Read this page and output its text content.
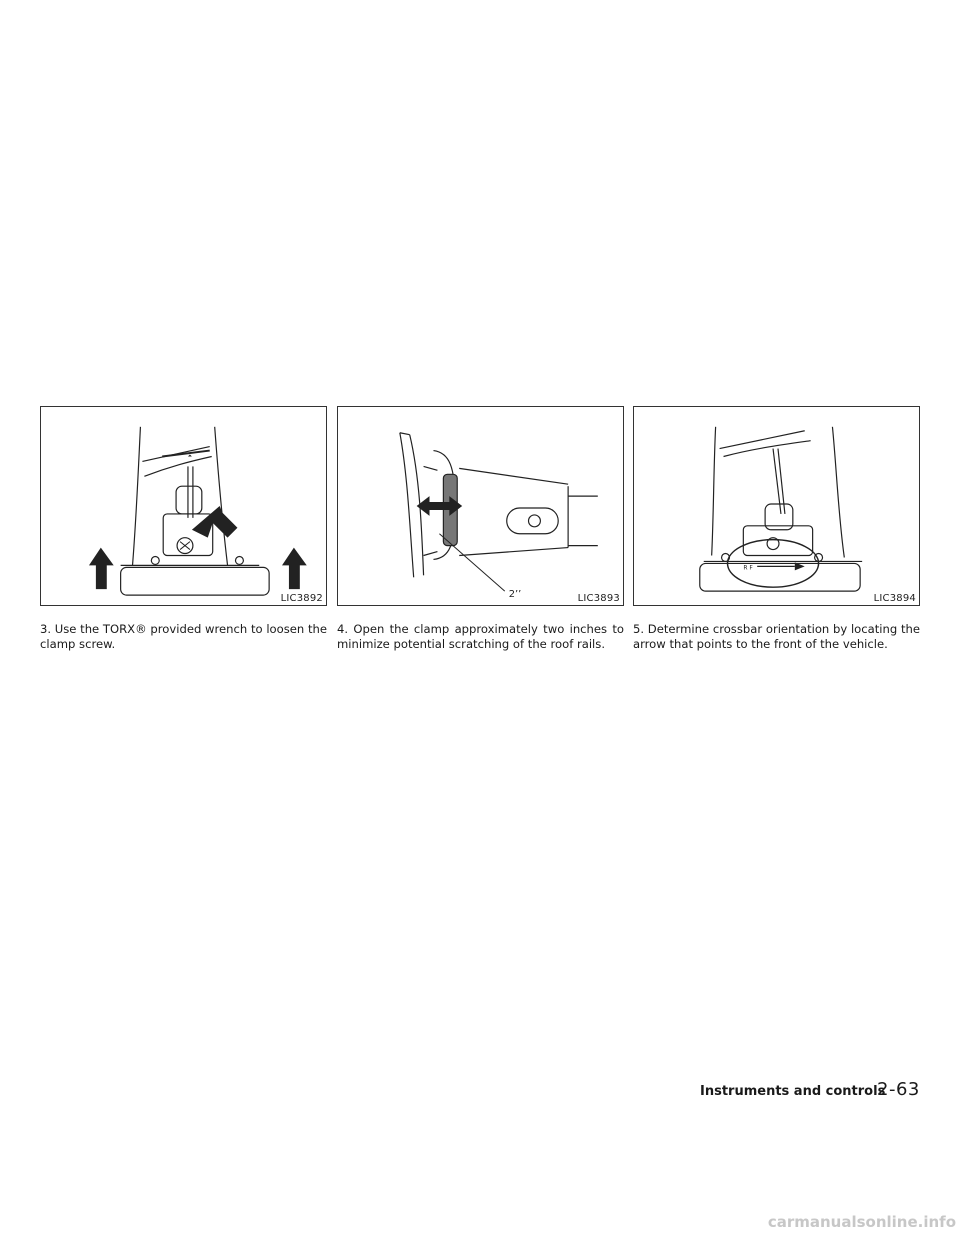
LIC3892
3. Use the TORX® provided wrench to loosen the clamp screw.
2’’	LIC3893
4. Open the clamp approximately two inches to minimize potential scratching of the roof rails.
R F
LIC3894
5. Determine crossbar orientation by locating the arrow that points to the front of the vehicle.
Instruments and controls
2-63
carmanualsonline.info
